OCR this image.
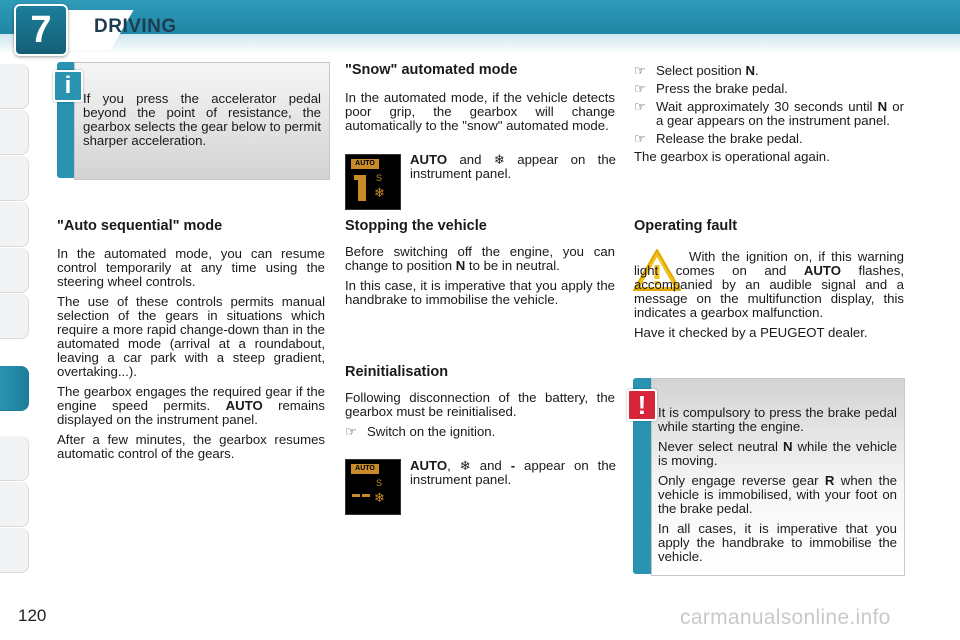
7 DRIVING
i If you press the accelerator pedal beyond the point of resistance, the gearbox selects the gear below to permit sharper acceleration.

"Auto sequential" mode

In the automated mode, you can resume control temporarily at any time using the steering wheel controls.

The use of these controls permits manual selection of the gears in situations which require a more rapid change-down than in the automated mode (arrival at a roundabout, leaving a car park with a steep gradient, overtaking...).

The gearbox engages the required gear if the engine speed permits. AUTO remains displayed on the instrument panel.

After a few minutes, the gearbox resumes automatic control of the gears.

"Snow" automated mode

In the automated mode, if the vehicle detects poor grip, the gearbox will change automatically to the "snow" automated mode.

AUTO
S
❄

AUTO and ❄ appear on the instrument panel.

Stopping the vehicle

Before switching off the engine, you can change to position N to be in neutral.

In this case, it is imperative that you apply the handbrake to immobilise the vehicle.

Reinitialisation

Following disconnection of the battery, the gearbox must be reinitialised.

☞ Switch on the ignition.
AUTO
S
❄

AUTO, ❄ and - appear on the instrument panel.

☞ Select position N.
☞ Press the brake pedal.
☞ Wait approximately 30 seconds until N or a gear appears on the instrument panel.
☞ Release the brake pedal.

The gearbox is operational again.

Operating fault

With the ignition on, if this warning light comes on and AUTO flashes, accompanied by an audible signal and a message on the multifunction display, this indicates a gearbox malfunction.

Have it checked by a PEUGEOT dealer.

! It is compulsory to press the brake pedal while starting the engine.

Never select neutral N while the vehicle is moving.

Only engage reverse gear R when the vehicle is immobilised, with your foot on the brake pedal.

In all cases, it is imperative that you apply the handbrake to immobilise the vehicle.

120	carmanualsonline.info
